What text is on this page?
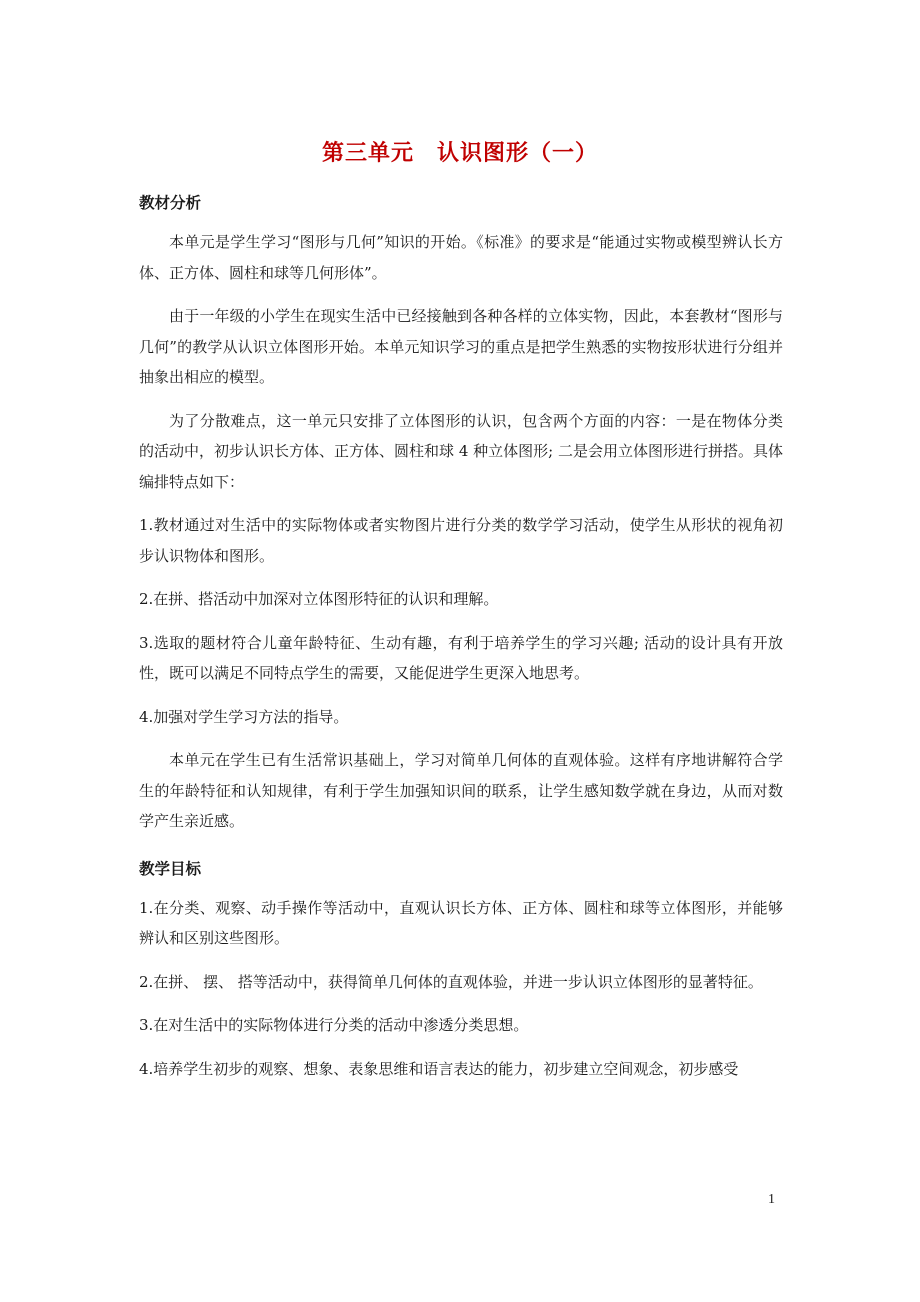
第三单元　认识图形（一）
教材分析

本单元是学生学习“图形与几何”知识的开始。《标准》的要求是“能通过实物或模型辨认长方体、正方体、圆柱和球等几何形体”。

由于一年级的小学生在现实生活中已经接触到各种各样的立体实物，因此，本套教材“图形与几何”的教学从认识立体图形开始。本单元知识学习的重点是把学生熟悉的实物按形状进行分组并抽象出相应的模型。

为了分散难点，这一单元只安排了立体图形的认识，包含两个方面的内容：一是在物体分类的活动中，初步认识长方体、正方体、圆柱和球 4 种立体图形; 二是会用立体图形进行拼搭。具体编排特点如下：

1.教材通过对生活中的实际物体或者实物图片进行分类的数学学习活动，使学生从形状的视角初步认识物体和图形。

2.在拼、搭活动中加深对立体图形特征的认识和理解。

3.选取的题材符合儿童年龄特征、生动有趣，有利于培养学生的学习兴趣; 活动的设计具有开放性，既可以满足不同特点学生的需要，又能促进学生更深入地思考。

4.加强对学生学习方法的指导。

本单元在学生已有生活常识基础上，学习对简单几何体的直观体验。这样有序地讲解符合学生的年龄特征和认知规律，有利于学生加强知识间的联系，让学生感知数学就在身边，从而对数学产生亲近感。

教学目标

1.在分类、观察、动手操作等活动中，直观认识长方体、正方体、圆柱和球等立体图形，并能够辨认和区别这些图形。

2.在拼、 摆、 搭等活动中，获得简单几何体的直观体验，并进一步认识立体图形的显著特征。

3.在对生活中的实际物体进行分类的活动中渗透分类思想。

4.培养学生初步的观察、想象、表象思维和语言表达的能力，初步建立空间观念，初步感受

1
